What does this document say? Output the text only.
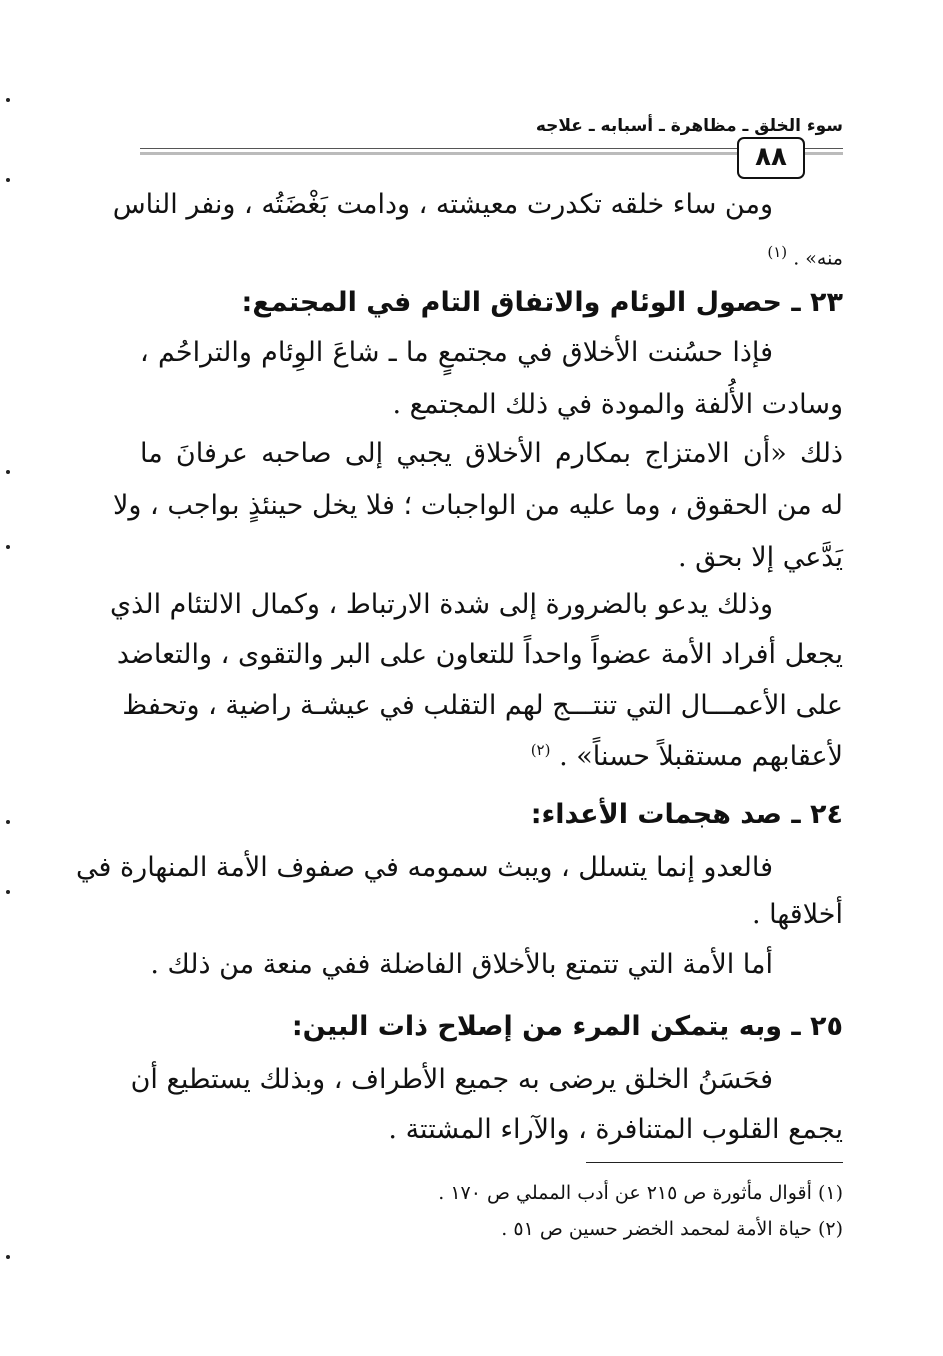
سوء الخلق ـ مظاهرة ـ أسبابه ـ علاجه
٨٨
ومن ساء خلقه تكدرت معيشته ، ودامت بَغْضَتُه ، ونفر الناس
منه» . $^{(١)}$
٢٣ ـ حصول الوئام والاتفاق التام في المجتمع:
فإذا حسُنت الأخلاق في مجتمعٍ ما ـ شاعَ الوِئام والتراحُم ،
وسادت الأُلفة والمودة في ذلك المجتمع .
ذلك «أن الامتزاج بمكارم الأخلاق يجبي إلى صاحبه عرفانَ ما
له من الحقوق ، وما عليه من الواجبات ؛ فلا يخل حينئذٍ بواجب ، ولا
يَدَّعي إلا بحق .
وذلك يدعو بالضرورة إلى شدة الارتباط ، وكمال الالتئام الذي
يجعل أفراد الأمة عضواً واحداً للتعاون على البر والتقوى ، والتعاضد
على الأعمـــال التي تنتـــج لهم التقلب في عيشـة راضية ، وتحفظ
لأعقابهم مستقبلاً حسناً» . $^{(٢)}$
٢٤ ـ صد هجمات الأعداء:
فالعدو إنما يتسلل ، ويبث سمومه في صفوف الأمة المنهارة في
أخلاقها .
أما الأمة التي تتمتع بالأخلاق الفاضلة ففي منعة من ذلك .
٢٥ ـ وبه يتمكن المرء من إصلاح ذات البين:
فحَسَنُ الخلق يرضى به جميع الأطراف ، وبذلك يستطيع أن
يجمع القلوب المتنافرة ، والآراء المشتتة .
(١) أقوال مأثورة ص ٢١٥ عن أدب المملي ص ١٧٠ .
(٢) حياة الأمة لمحمد الخضر حسين ص ٥١ .
